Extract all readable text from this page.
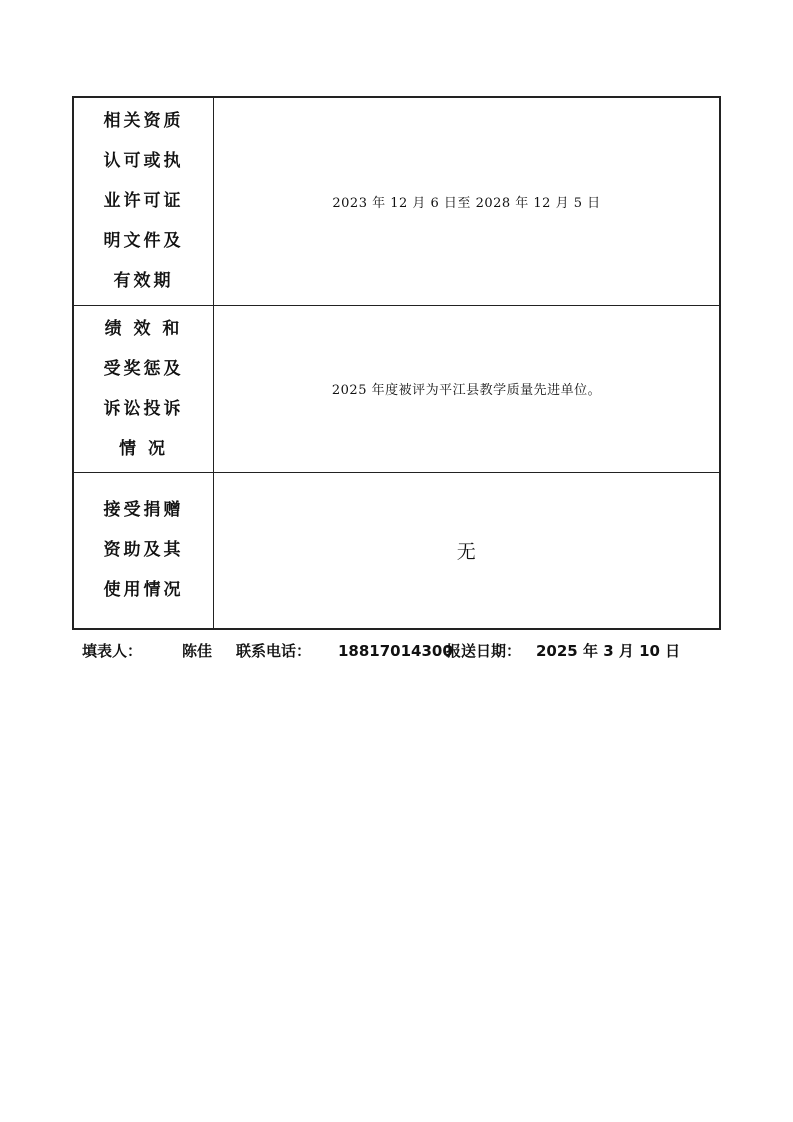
相关资质
认可或执
业许可证
明文件及
有效期	2023 年 12 月 6 日至 2028 年 12 月 5 日

绩 效 和
受奖惩及
诉讼投诉
情 况	2025 年度被评为平江县教学质量先进单位。

接受捐赠
资助及其
使用情况	无
填表人：	陈佳	联系电话：	18817014300
报送日期： 2025 年 3 月 10 日
